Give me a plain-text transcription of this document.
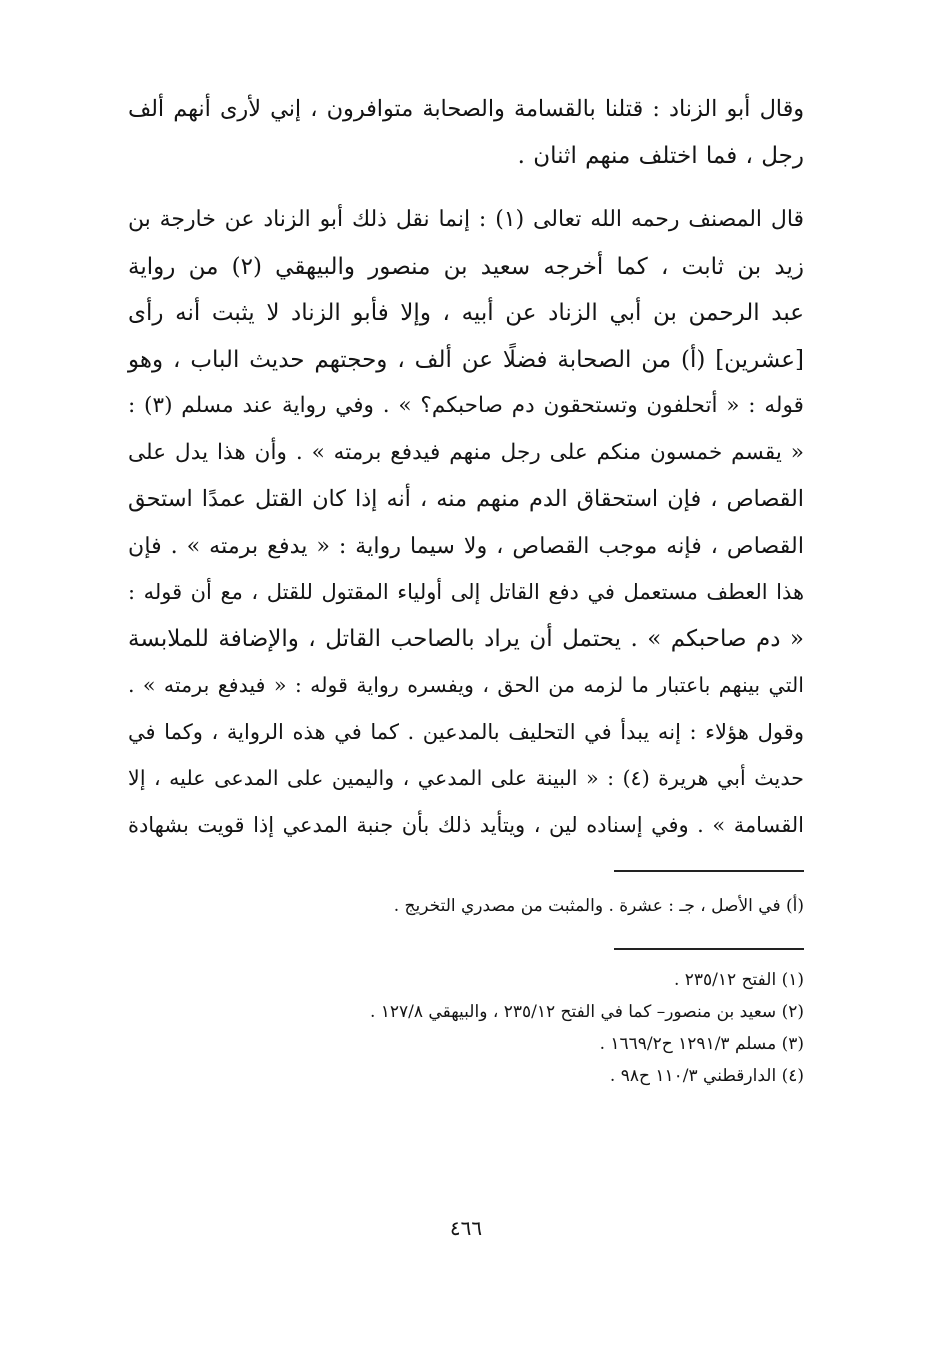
وقال أبو الزناد : قتلنا بالقسامة والصحابة متوافرون ، إني لأرى أنهم ألف
رجل ، فما اختلف منهم اثنان .
قال المصنف رحمه الله تعالى (١) : إنما نقل ذلك أبو الزناد عن خارجة بن
زيد بن ثابت ، كما أخرجه سعيد بن منصور والبيهقي (٢) من رواية
عبد الرحمن بن أبي الزناد عن أبيه ، وإلا فأبو الزناد لا يثبت أنه رأى
[عشرين] (أ) من الصحابة فضلًا عن ألف ، وحجتهم حديث الباب ، وهو
قوله : « أتحلفون وتستحقون دم صاحبكم؟ » . وفي رواية عند مسلم (٣) :
« يقسم خمسون منكم على رجل منهم فيدفع برمته » . وأن هذا يدل على
القصاص ، فإن استحقاق الدم منهم منه ، أنه إذا كان القتل عمدًا استحق
القصاص ، فإنه موجب القصاص ، ولا سيما رواية : « يدفع برمته » . فإن
هذا العطف مستعمل في دفع القاتل إلى أولياء المقتول للقتل ، مع أن قوله :
« دم صاحبكم » . يحتمل أن يراد بالصاحب القاتل ، والإضافة للملابسة
التي بينهم باعتبار ما لزمه من الحق ، ويفسره رواية قوله : « فيدفع برمته » .
وقول هؤلاء : إنه يبدأ في التحليف بالمدعين . كما في هذه الرواية ، وكما في
حديث أبي هريرة (٤) : « البينة على المدعي ، واليمين على المدعى عليه ، إلا
القسامة » . وفي إسناده لين ، ويتأيد ذلك بأن جنبة المدعي إذا قويت بشهادة

(أ) في الأصل ، جـ : عشرة . والمثبت من مصدري التخريج .

(١) الفتح ٢٣٥/١٢ .

(٢) سعيد بن منصور– كما في الفتح ٢٣٥/١٢ ، والبيهقي ١٢٧/٨ .

(٣) مسلم ١٢٩١/٣ ح١٦٦٩/٢ .

(٤) الدارقطني ١١٠/٣ ح٩٨ .

٤٦٦
